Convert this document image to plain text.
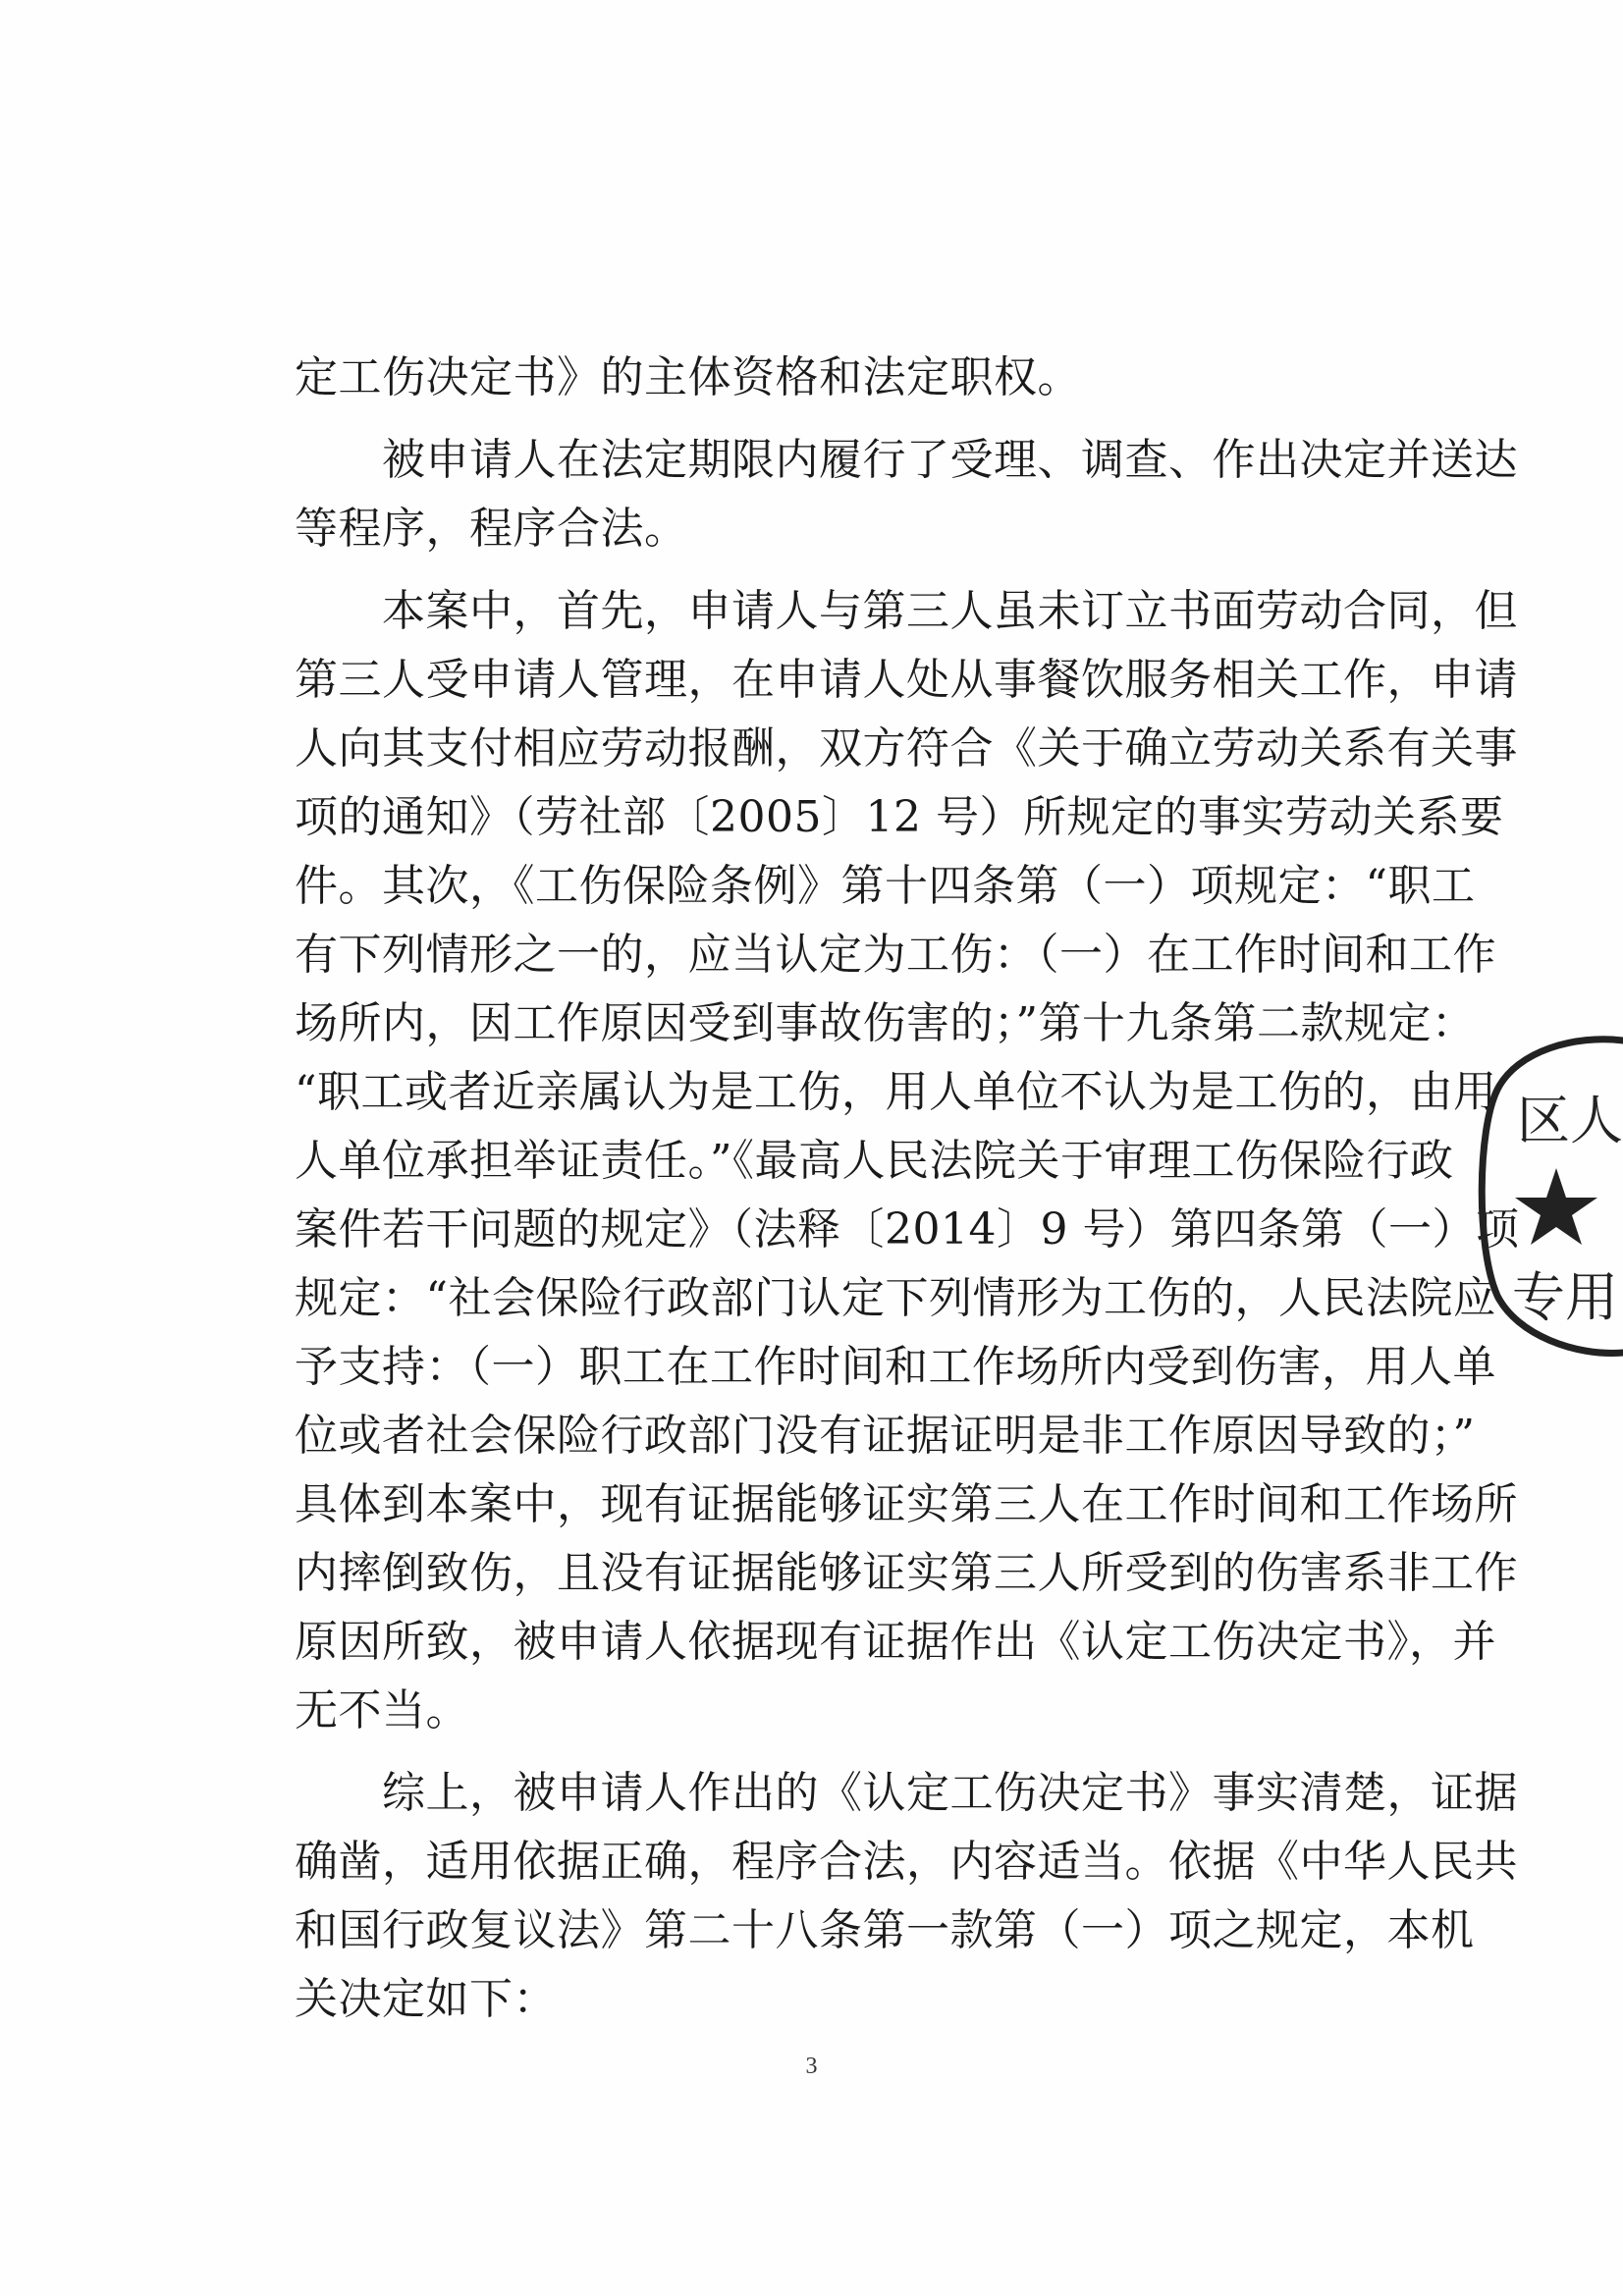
定工伤决定书》的主体资格和法定职权。
　　被申请人在法定期限内履行了受理、调查、作出决定并送达
等程序，程序合法。
　　本案中，首先，申请人与第三人虽未订立书面劳动合同，但
第三人受申请人管理，在申请人处从事餐饮服务相关工作，申请
人向其支付相应劳动报酬，双方符合《关于确立劳动关系有关事
项的通知》（劳社部〔2005〕12 号）所规定的事实劳动关系要
件。其次，《工伤保险条例》第十四条第（一）项规定：“职工
有下列情形之一的，应当认定为工伤：（一）在工作时间和工作
场所内，因工作原因受到事故伤害的；”第十九条第二款规定：
“职工或者近亲属认为是工伤，用人单位不认为是工伤的，由用
人单位承担举证责任。”《最高人民法院关于审理工伤保险行政
案件若干问题的规定》（法释〔2014〕9 号）第四条第（一）项
规定：“社会保险行政部门认定下列情形为工伤的，人民法院应
予支持：（一）职工在工作时间和工作场所内受到伤害，用人单
位或者社会保险行政部门没有证据证明是非工作原因导致的；”
具体到本案中，现有证据能够证实第三人在工作时间和工作场所
内摔倒致伤，且没有证据能够证实第三人所受到的伤害系非工作
原因所致，被申请人依据现有证据作出《认定工伤决定书》，并
无不当。
　　综上，被申请人作出的《认定工伤决定书》事实清楚，证据
确凿，适用依据正确，程序合法，内容适当。依据《中华人民共
和国行政复议法》第二十八条第一款第（一）项之规定，本机
关决定如下：
区人
专用
3
